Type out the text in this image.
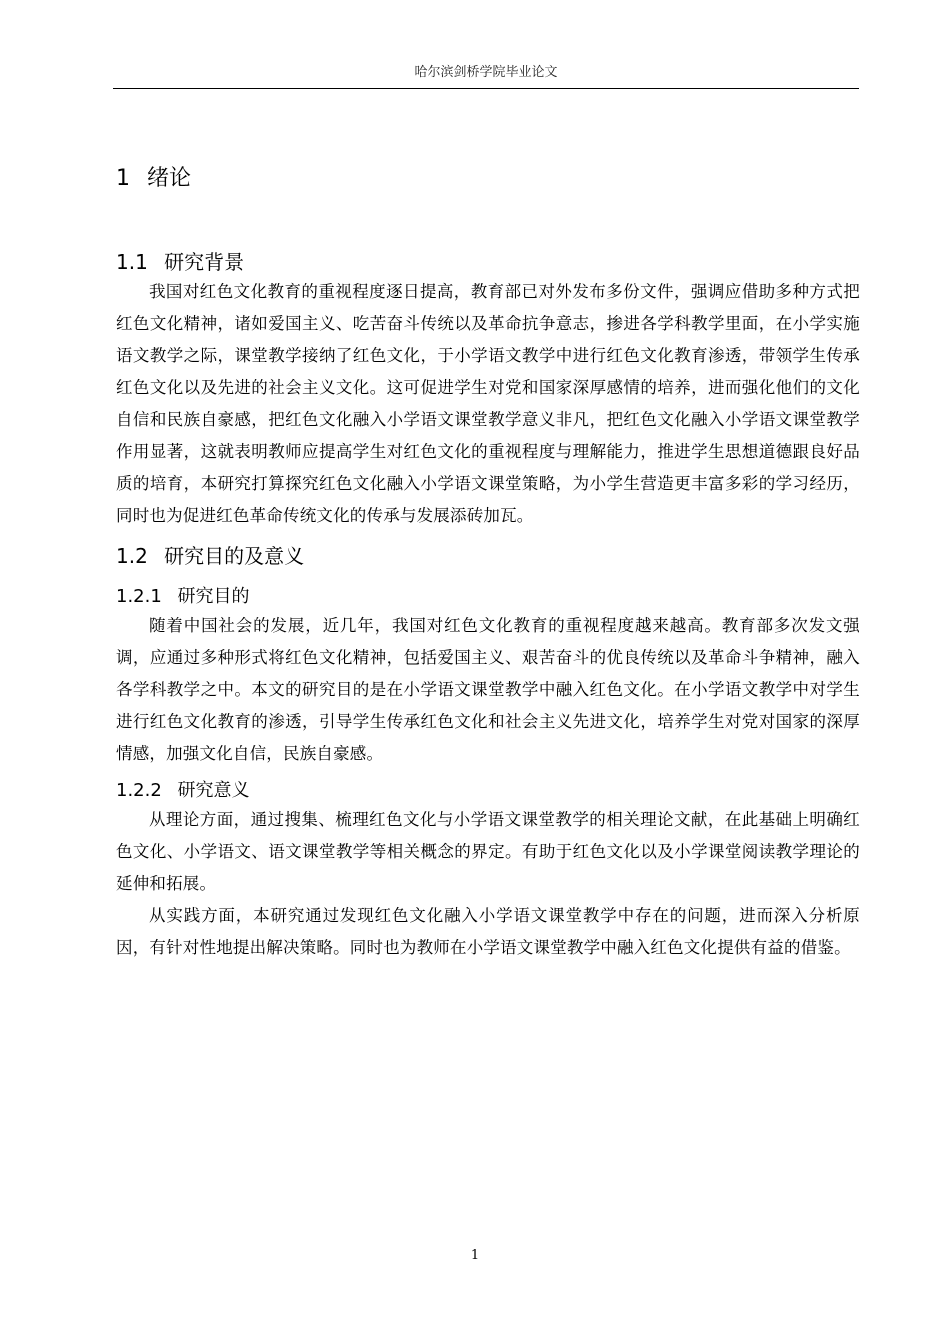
哈尔滨剑桥学院毕业论文
1 绪论
1.1 研究背景

我国对红色文化教育的重视程度逐日提高，教育部已对外发布多份文件，强调应借助多种方式把红色文化精神，诸如爱国主义、吃苦奋斗传统以及革命抗争意志，掺进各学科教学里面，在小学实施语文教学之际，课堂教学接纳了红色文化，于小学语文教学中进行红色文化教育渗透，带领学生传承红色文化以及先进的社会主义文化。这可促进学生对党和国家深厚感情的培养，进而强化他们的文化自信和民族自豪感，把红色文化融入小学语文课堂教学意义非凡，把红色文化融入小学语文课堂教学作用显著，这就表明教师应提高学生对红色文化的重视程度与理解能力，推进学生思想道德跟良好品质的培育，本研究打算探究红色文化融入小学语文课堂策略，为小学生营造更丰富多彩的学习经历，同时也为促进红色革命传统文化的传承与发展添砖加瓦。

1.2 研究目的及意义
1.2.1 研究目的

随着中国社会的发展，近几年，我国对红色文化教育的重视程度越来越高。教育部多次发文强调，应通过多种形式将红色文化精神，包括爱国主义、艰苦奋斗的优良传统以及革命斗争精神，融入各学科教学之中。本文的研究目的是在小学语文课堂教学中融入红色文化。在小学语文教学中对学生进行红色文化教育的渗透，引导学生传承红色文化和社会主义先进文化，培养学生对党对国家的深厚情感，加强文化自信，民族自豪感。

1.2.2 研究意义

从理论方面，通过搜集、梳理红色文化与小学语文课堂教学的相关理论文献，在此基础上明确红色文化、小学语文、语文课堂教学等相关概念的界定。有助于红色文化以及小学课堂阅读教学理论的延伸和拓展。

从实践方面，本研究通过发现红色文化融入小学语文课堂教学中存在的问题，进而深入分析原因，有针对性地提出解决策略。同时也为教师在小学语文课堂教学中融入红色文化提供有益的借鉴。

1
